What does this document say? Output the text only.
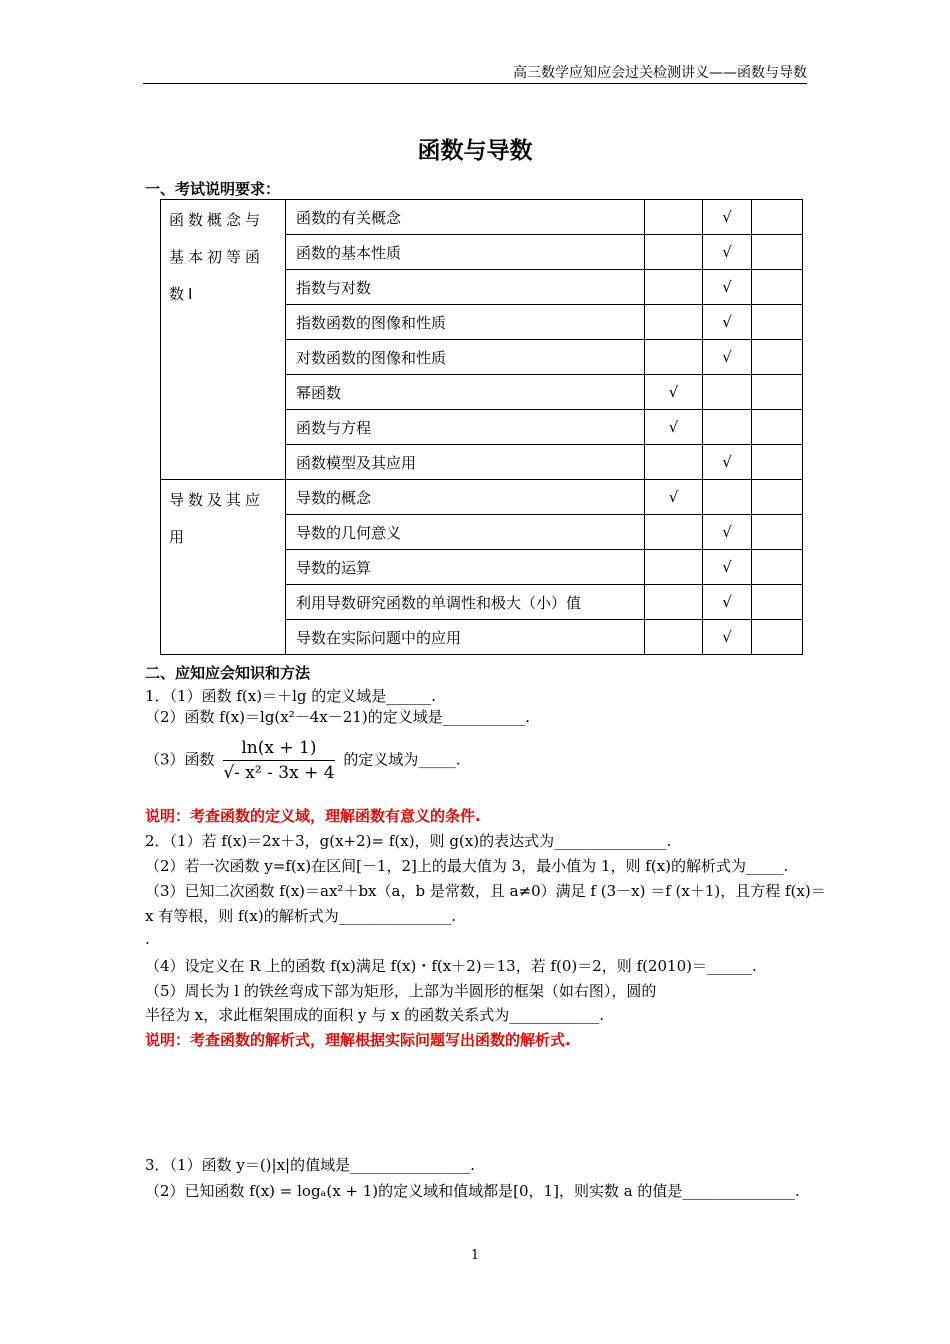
高三数学应知应会过关检测讲义——函数与导数
函数与导数
一、考试说明要求：
函数概念与基本初等函数Ⅰ	函数的有关概念		√	
	函数的基本性质		√	
	指数与对数		√	
	指数函数的图像和性质		√	
	对数函数的图像和性质		√	
	幂函数	√		
	函数与方程	√		
	函数模型及其应用		√	
导数及其应用	导数的概念	√		
	导数的几何意义		√	
	导数的运算		√	
	利用导数研究函数的单调性和极大（小）值		√	
	导数在实际问题中的应用		√	
二、应知应会知识和方法
1．（1）函数 f(x)＝＋lg 的定义域是______.
（2）函数 f(x)＝lg(x²－4x－21)的定义域是___________.
（3）函数 $\frac{\ln(x + 1)}{\text{√- x² - 3x + 4}}$ 的定义域为_____.
说明：考查函数的定义域，理解函数有意义的条件.
2．（1）若 f(x)＝2x＋3，g(x+2)= f(x)，则 g(x)的表达式为_______________.
（2）若一次函数 y=f(x)在区间[－1，2]上的最大值为 3，最小值为 1，则 f(x)的解析式为_____.
（3）已知二次函数 f(x)＝ax²＋bx（a，b 是常数，且 a≠0）满足 f (3－x) ＝f (x＋1)，且方程 f(x)＝
x 有等根，则 f(x)的解析式为_______________.
.
（4）设定义在 R 上的函数 f(x)满足 f(x)・f(x＋2)＝13，若 f(0)＝2，则 f(2010)＝______.
（5）周长为 l 的铁丝弯成下部为矩形，上部为半圆形的框架（如右图），圆的
半径为 x，求此框架围成的面积 y 与 x 的函数关系式为____________.
说明：考查函数的解析式，理解根据实际问题写出函数的解析式.
3．（1）函数 y＝()|x|的值域是________________.
（2）已知函数 f(x) = logₐ(x + 1)的定义域和值域都是[0，1]，则实数 a 的值是_______________.
1
